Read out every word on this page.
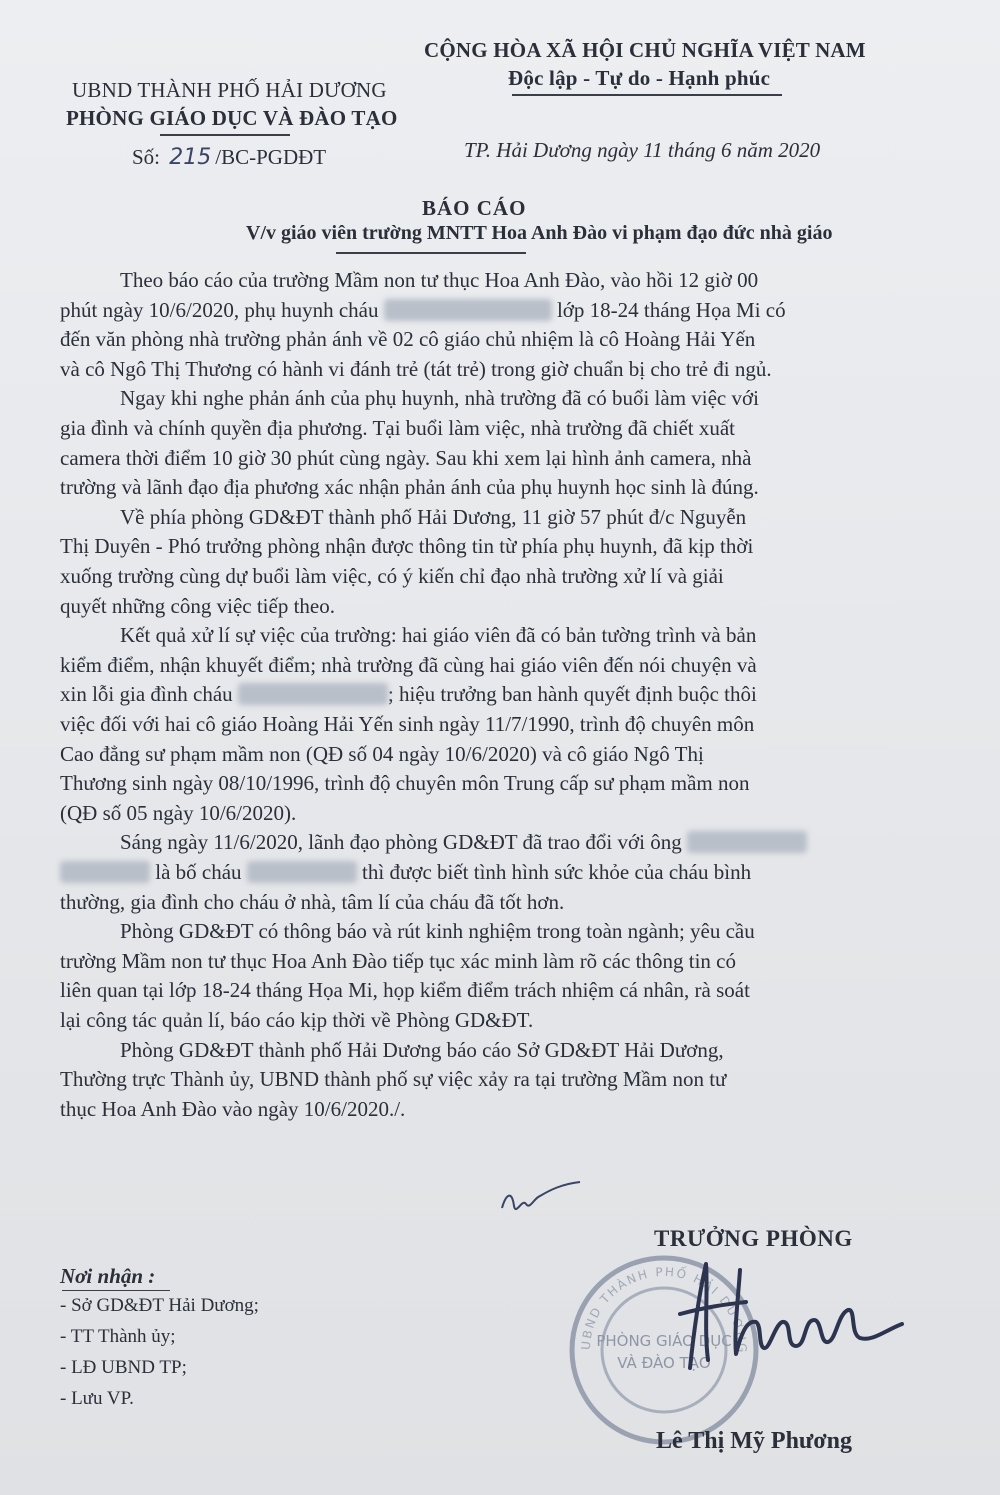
UBND THÀNH PHỐ HẢI DƯƠNG
PHÒNG GIÁO DỤC VÀ ĐÀO TẠO
Số: 215 /BC-PGDĐT
CỘNG HÒA XÃ HỘI CHỦ NGHĨA VIỆT NAM
Độc lập - Tự do - Hạnh phúc
TP. Hải Dương ngày 11 tháng 6 năm 2020
BÁO CÁO
V/v giáo viên trường MNTT Hoa Anh Đào vi phạm đạo đức nhà giáo
Theo báo cáo của trường Mầm non tư thục Hoa Anh Đào, vào hồi 12 giờ 00
phút ngày 10/6/2020, phụ huynh cháu	lớp 18-24 tháng Họa Mi có
đến văn phòng nhà trường phản ánh về 02 cô giáo chủ nhiệm là cô Hoàng Hải Yến
và cô Ngô Thị Thương có hành vi đánh trẻ (tát trẻ) trong giờ chuẩn bị cho trẻ đi ngủ.
Ngay khi nghe phản ánh của phụ huynh, nhà trường đã có buổi làm việc với
gia đình và chính quyền địa phương. Tại buổi làm việc, nhà trường đã chiết xuất
camera thời điểm 10 giờ 30 phút cùng ngày. Sau khi xem lại hình ảnh camera, nhà
trường và lãnh đạo địa phương xác nhận phản ánh của phụ huynh học sinh là đúng.
Về phía phòng GD&ĐT thành phố Hải Dương, 11 giờ 57 phút đ/c Nguyễn
Thị Duyên - Phó trưởng phòng nhận được thông tin từ phía phụ huynh, đã kịp thời
xuống trường cùng dự buổi làm việc, có ý kiến chỉ đạo nhà trường xử lí và giải
quyết những công việc tiếp theo.
Kết quả xử lí sự việc của trường: hai giáo viên đã có bản tường trình và bản
kiểm điểm, nhận khuyết điểm; nhà trường đã cùng hai giáo viên đến nói chuyện và
xin lỗi gia đình cháu	; hiệu trưởng ban hành quyết định buộc thôi
việc đối với hai cô giáo Hoàng Hải Yến sinh ngày 11/7/1990, trình độ chuyên môn
Cao đẳng sư phạm mầm non (QĐ số 04 ngày 10/6/2020) và cô giáo Ngô Thị
Thương sinh ngày 08/10/1996, trình độ chuyên môn Trung cấp sư phạm mầm non
(QĐ số 05 ngày 10/6/2020).
Sáng ngày 11/6/2020, lãnh đạo phòng GD&ĐT đã trao đổi với ông
là bố cháu	thì được biết tình hình sức khỏe của cháu bình
thường, gia đình cho cháu ở nhà, tâm lí của cháu đã tốt hơn.
Phòng GD&ĐT có thông báo và rút kinh nghiệm trong toàn ngành; yêu cầu
trường Mầm non tư thục Hoa Anh Đào tiếp tục xác minh làm rõ các thông tin có
liên quan tại lớp 18-24 tháng Họa Mi, họp kiểm điểm trách nhiệm cá nhân, rà soát
lại công tác quản lí, báo cáo kịp thời về Phòng GD&ĐT.
Phòng GD&ĐT thành phố Hải Dương báo cáo Sở GD&ĐT Hải Dương,
Thường trực Thành ủy, UBND thành phố sự việc xảy ra tại trường Mầm non tư
thục Hoa Anh Đào vào ngày 10/6/2020./.
Nơi nhận :
- Sở GD&ĐT Hải Dương;
- TT Thành ủy;
- LĐ UBND TP;
- Lưu VP.
TRƯỞNG PHÒNG
UBND THÀNH PHỐ HẢI DƯƠNG
PHÒNG GIÁO DỤC
VÀ ĐÀO TẠO
Lê Thị Mỹ Phương
